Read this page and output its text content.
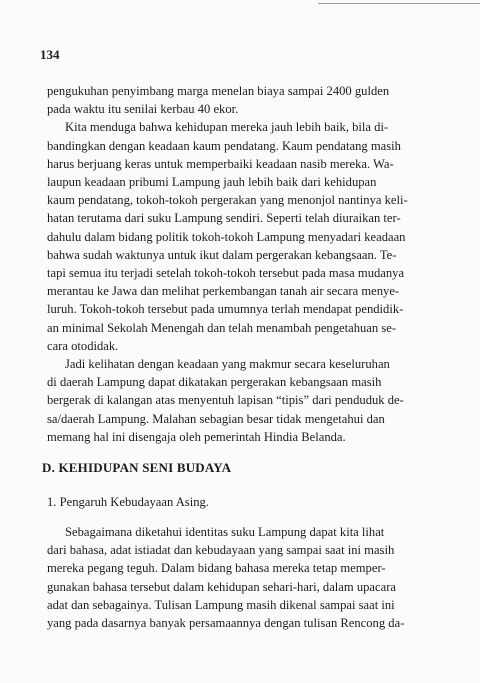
134

pengukuhan penyimbang marga menelan biaya sampai 2400 gulden
pada waktu itu senilai kerbau 40 ekor.

Kita menduga bahwa kehidupan mereka jauh lebih baik, bila di-
bandingkan dengan keadaan kaum pendatang. Kaum pendatang masih
harus berjuang keras untuk memperbaiki keadaan nasib mereka. Wa-
laupun keadaan pribumi Lampung jauh lebih baik dari kehidupan
kaum pendatang, tokoh-tokoh pergerakan yang menonjol nantinya keli-
hatan terutama dari suku Lampung sendiri. Seperti telah diuraikan ter-
dahulu dalam bidang politik tokoh-tokoh Lampung menyadari keadaan
bahwa sudah waktunya untuk ikut dalam pergerakan kebangsaan. Te-
tapi semua itu terjadi setelah tokoh-tokoh tersebut pada masa mudanya
merantau ke Jawa dan melihat perkembangan tanah air secara menye-
luruh. Tokoh-tokoh tersebut pada umumnya terlah mendapat pendidik-
an minimal Sekolah Menengah dan telah menambah pengetahuan se-
cara otodidak.

Jadi kelihatan dengan keadaan yang makmur secara keseluruhan
di daerah Lampung dapat dikatakan pergerakan kebangsaan masih
bergerak di kalangan atas menyentuh lapisan “tipis” dari penduduk de-
sa/daerah Lampung. Malahan sebagian besar tidak mengetahui dan
memang hal ini disengaja oleh pemerintah Hindia Belanda.

D. KEHIDUPAN SENI BUDAYA
1. Pengaruh Kebudayaan Asing.

Sebagaimana diketahui identitas suku Lampung dapat kita lihat
dari bahasa, adat istiadat dan kebudayaan yang sampai saat ini masih
mereka pegang teguh. Dalam bidang bahasa mereka tetap memper-
gunakan bahasa tersebut dalam kehidupan sehari-hari, dalam upacara
adat dan sebagainya. Tulisan Lampung masih dikenal sampai saat ini
yang pada dasarnya banyak persamaannya dengan tulisan Rencong da-
